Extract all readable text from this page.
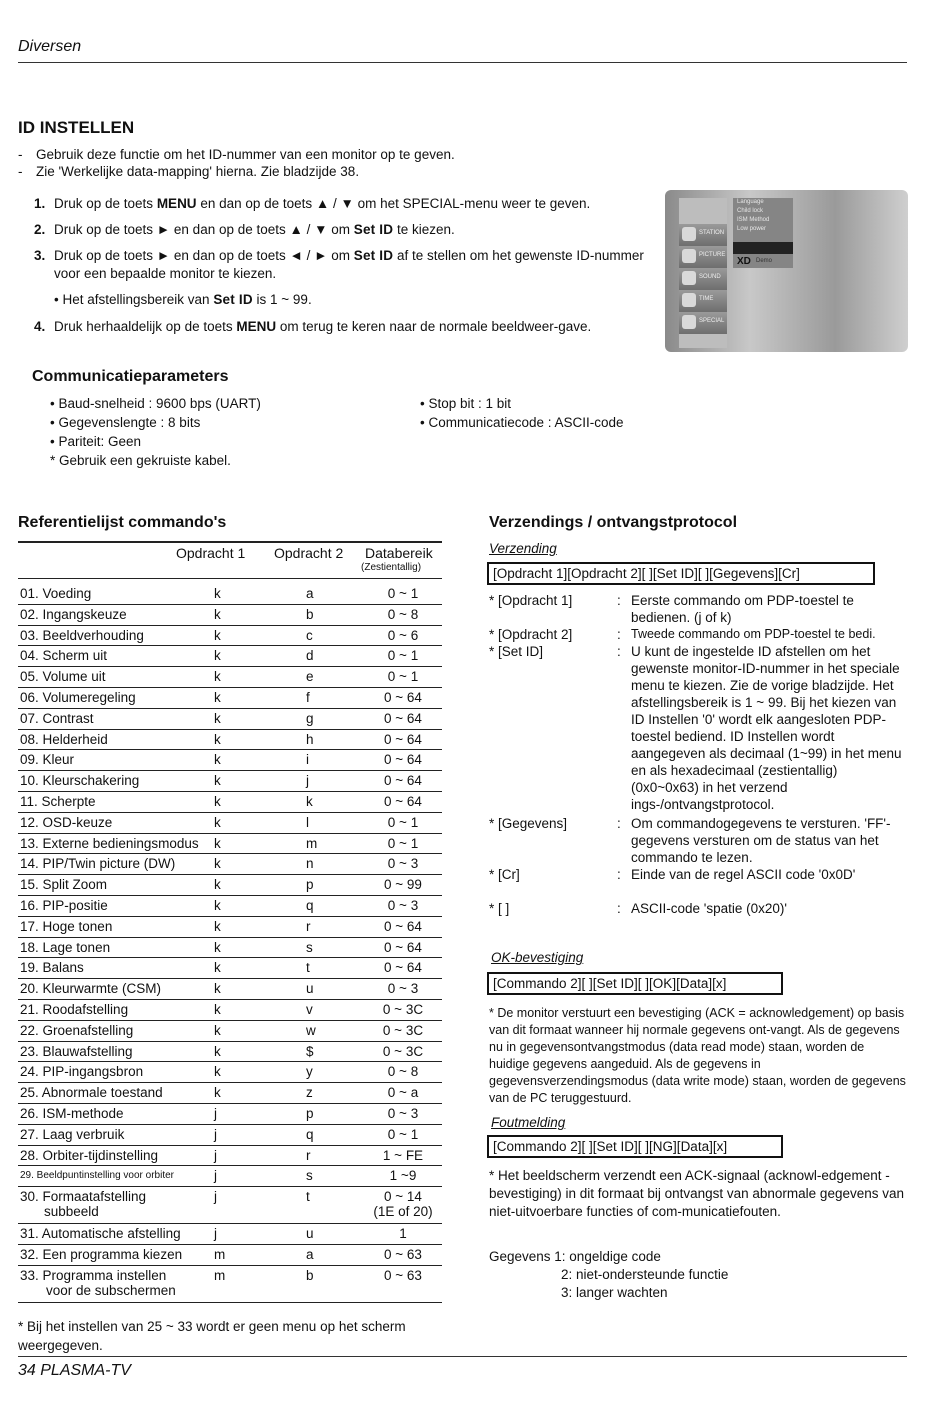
Diversen
ID INSTELLEN
- Gebruik deze functie om het ID-nummer van een monitor op te geven.
- Zie 'Werkelijke data-mapping' hierna. Zie bladzijde 38.
1. Druk op de toets MENU en dan op de toets ▲ / ▼ om het SPECIAL-menu weer te geven.
2. Druk op de toets ► en dan op de toets ▲ / ▼ om Set ID te kiezen.
3. Druk op de toets ► en dan op de toets ◄ / ► om Set ID af te stellen om het gewenste ID-nummer voor een bepaalde monitor te kiezen.
• Het afstellingsbereik van Set ID is 1 ~ 99.
4. Druk herhaaldelijk op de toets MENU om terug te keren naar de normale beeldweer-gave.
STATION
PICTURE
SOUND
TIME
SPECIAL
Language
Child lock
ISM Method
Low power
XD Demo
Communicatieparameters
• Baud-snelheid : 9600 bps (UART)
• Gegevenslengte : 8 bits
• Pariteit: Geen
* Gebruik een gekruiste kabel.
• Stop bit : 1 bit
• Communicatiecode : ASCII-code
Referentielijst commando's
Opdracht 1 Opdracht 2 Databereik
(Zestientallig)
01. Voeding	k	a	0 ~ 1
02. Ingangskeuze	k	b	0 ~ 8
03. Beeldverhouding	k	c	0 ~ 6
04. Scherm uit	k	d	0 ~ 1
05. Volume uit	k	e	0 ~ 1
06. Volumeregeling	k	f	0 ~ 64
07. Contrast	k	g	0 ~ 64
08. Helderheid	k	h	0 ~ 64
09. Kleur	k	i	0 ~ 64
10. Kleurschakering	k	j	0 ~ 64
11. Scherpte	k	k	0 ~ 64
12. OSD-keuze	k	l	0 ~ 1
13. Externe bedieningsmodus k	m	0 ~ 1
14. PIP/Twin picture (DW)	k	n	0 ~ 3
15. Split Zoom	k	p	0 ~ 99
16. PIP-positie	k	q	0 ~ 3
17. Hoge tonen	k	r	0 ~ 64
18. Lage tonen	k	s	0 ~ 64
19. Balans	k	t	0 ~ 64
20. Kleurwarmte (CSM)	k	u	0 ~ 3
21. Roodafstelling	k	v	0 ~ 3C
22. Groenafstelling	k	w	0 ~ 3C
23. Blauwafstelling	k	$	0 ~ 3C
24. PIP-ingangsbron	k	y	0 ~ 8
25. Abnormale toestand	k	z	0 ~ a
26. ISM-methode	j	p	0 ~ 3
27. Laag verbruik	j	q	0 ~ 1
28. Orbiter-tijdinstelling	j	r	1 ~ FE
29. Beeldpuntinstelling voor orbiter	j	s	1 ~9
30. Formaatafstelling	j	t	0 ~ 14
subbeeld	(1E of 20)
31. Automatische afstelling j	u	1
32. Een programma kiezen m	a	0 ~ 63
33. Programma instellen	m	b	0 ~ 63
voor de subschermen
* Bij het instellen van 25 ~ 33 wordt er geen menu op het scherm weergegeven.
Verzendings / ontvangstprotocol
Verzending
[Opdracht 1][Opdracht 2][ ][Set ID][ ][Gegevens][Cr]
* [Opdracht 1]	: Eerste commando om PDP-toestel te bedienen. (j of k)
* [Opdracht 2]	: Tweede commando om PDP-toestel te bedi.
* [Set ID]	: U kunt de ingestelde ID afstellen om het gewenste monitor-ID-nummer in het speciale menu te kiezen. Zie de vorige bladzijde. Het afstellingsbereik is 1 ~ 99. Bij het kiezen van ID Instellen '0' wordt elk aangesloten PDP-toestel bediend. ID Instellen wordt aangegeven als decimaal (1~99) in het menu en als hexadecimaal (zestientallig) (0x0~0x63) in het verzend ings-/ontvangstprotocol.
* [Gegevens]	: Om commandogegevens te versturen. 'FF'-gegevens versturen om de status van het commando te lezen.
* [Cr]	: Einde van de regel ASCII code '0x0D'
* [ ]	: ASCII-code 'spatie (0x20)'
OK-bevestiging
[Commando 2][ ][Set ID][ ][OK][Data][x]
* De monitor verstuurt een bevestiging (ACK = acknowledgement) op basis van dit formaat wanneer hij normale gegevens ont-vangt. Als de gegevens nu in gegevensontvangstmodus (data read mode) staan, worden de huidige gegevens aangeduid. Als de gegevens in gegevensverzendingsmodus (data write mode) staan, worden de gegevens van de PC teruggestuurd.
Foutmelding
[Commando 2][ ][Set ID][ ][NG][Data][x]
* Het beeldscherm verzendt een ACK-signaal (acknowl-edgement - bevestiging) in dit formaat bij ontvangst van abnormale gegevens van niet-uitvoerbare functies of com-municatiefouten.
Gegevens 1: ongeldige code
2: niet-ondersteunde functie
3: langer wachten
34 PLASMA-TV
